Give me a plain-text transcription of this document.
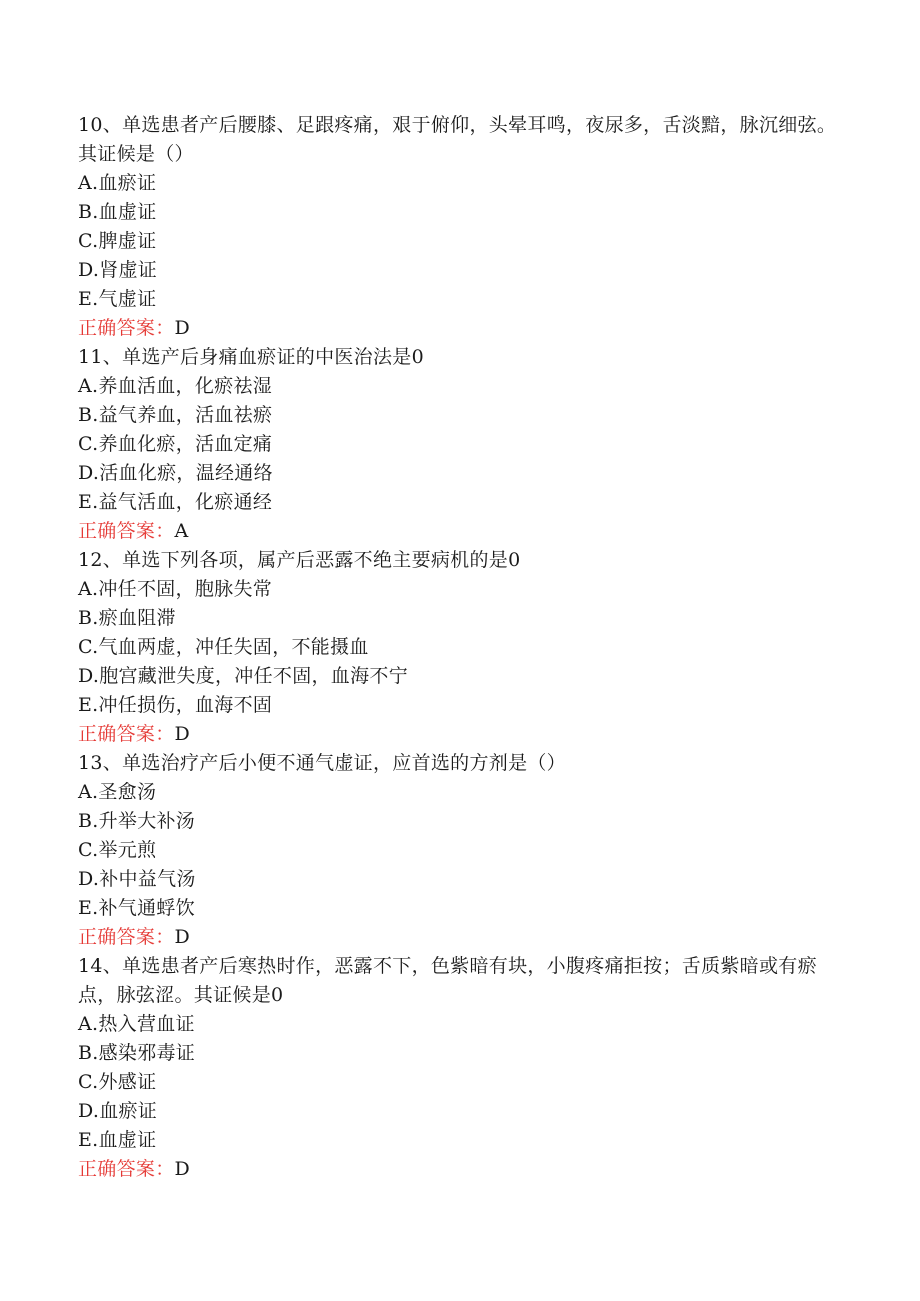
10、单选患者产后腰膝、足跟疼痛，艰于俯仰，头晕耳鸣，夜尿多，舌淡黯，脉沉细弦。其证候是（）

A.血瘀证

B.血虚证

C.脾虚证

D.肾虚证

E.气虚证

正确答案：D

11、单选产后身痛血瘀证的中医治法是0

A.养血活血，化瘀祛湿

B.益气养血，活血祛瘀

C.养血化瘀，活血定痛

D.活血化瘀，温经通络

E.益气活血，化瘀通经

正确答案：A

12、单选下列各项，属产后恶露不绝主要病机的是0

A.冲任不固，胞脉失常

B.瘀血阻滞

C.气血两虚，冲任失固，不能摄血

D.胞宫藏泄失度，冲任不固，血海不宁

E.冲任损伤，血海不固

正确答案：D

13、单选治疗产后小便不通气虚证，应首选的方剂是（）

A.圣愈汤

B.升举大补汤

C.举元煎

D.补中益气汤

E.补气通蜉饮

正确答案：D

14、单选患者产后寒热时作，恶露不下，色紫暗有块，小腹疼痛拒按；舌质紫暗或有瘀点，脉弦涩。其证候是0

A.热入营血证

B.感染邪毒证

C.外感证

D.血瘀证

E.血虚证

正确答案：D
